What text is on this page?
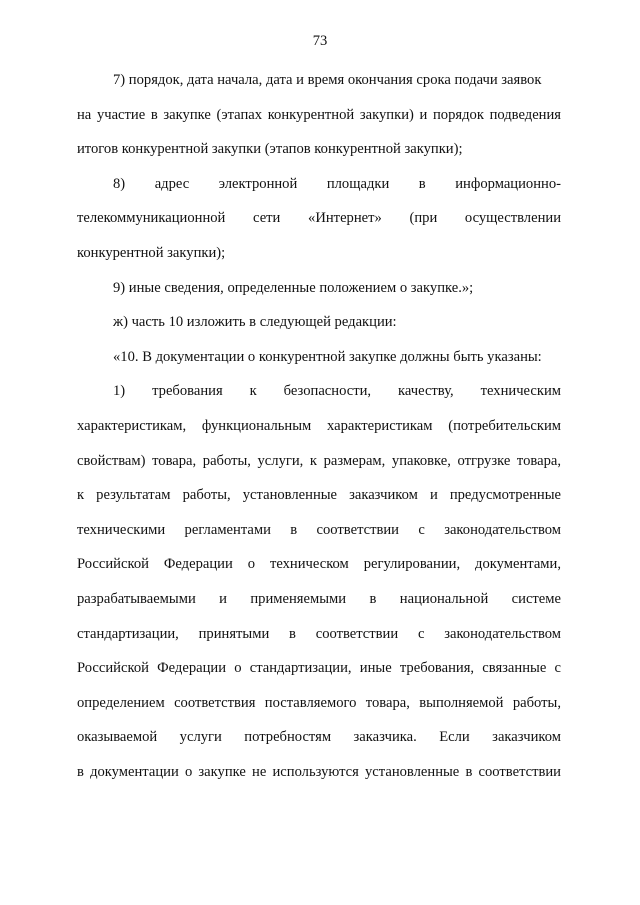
73
7) порядок, дата начала, дата и время окончания срока подачи заявок
на участие в закупке (этапах конкурентной закупки) и порядок подведения
итогов конкурентной закупки (этапов конкурентной закупки);
8) адрес электронной площадки в информационно-
телекоммуникационной сети «Интернет» (при осуществлении
конкурентной закупки);
9) иные сведения, определенные положением о закупке.»;
ж) часть 10 изложить в следующей редакции:
«10. В документации о конкурентной закупке должны быть указаны:
1) требования к безопасности, качеству, техническим
характеристикам, функциональным характеристикам (потребительским
свойствам) товара, работы, услуги, к размерам, упаковке, отгрузке товара,
к результатам работы, установленные заказчиком и предусмотренные
техническими регламентами в соответствии с законодательством
Российской Федерации о техническом регулировании, документами,
разрабатываемыми и применяемыми в национальной системе
стандартизации, принятыми в соответствии с законодательством
Российской Федерации о стандартизации, иные требования, связанные с
определением соответствия поставляемого товара, выполняемой работы,
оказываемой услуги потребностям заказчика. Если заказчиком
в документации о закупке не используются установленные в соответствии
